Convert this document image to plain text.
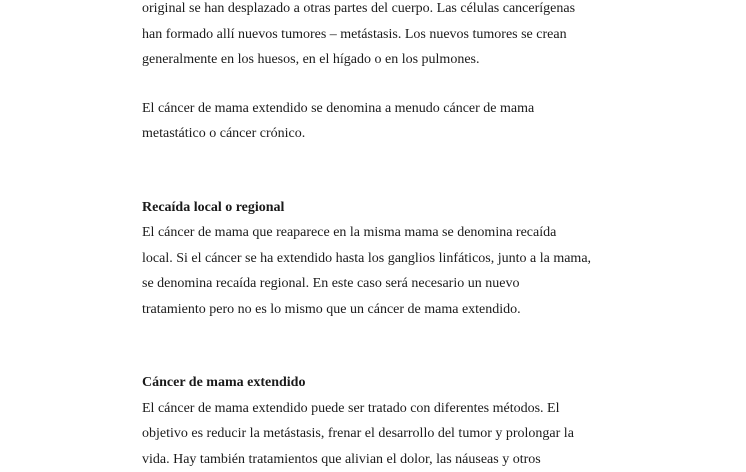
original se han desplazado a otras partes del cuerpo. Las células cancerígenas
han formado allí nuevos tumores – metástasis. Los nuevos tumores se crean
generalmente en los huesos, en el hígado o en los pulmones.

El cáncer de mama extendido se denomina a menudo cáncer de mama
metastático o cáncer crónico.

Recaída local o regional

El cáncer de mama que reaparece en la misma mama se denomina recaída
local. Si el cáncer se ha extendido hasta los ganglios linfáticos, junto a la mama,
se denomina recaída regional. En este caso será necesario un nuevo
tratamiento pero no es lo mismo que un cáncer de mama extendido.

Cáncer de mama extendido

El cáncer de mama extendido puede ser tratado con diferentes métodos. El
objetivo es reducir la metástasis, frenar el desarrollo del tumor y prolongar la
vida. Hay también tratamientos que alivian el dolor, las náuseas y otros
